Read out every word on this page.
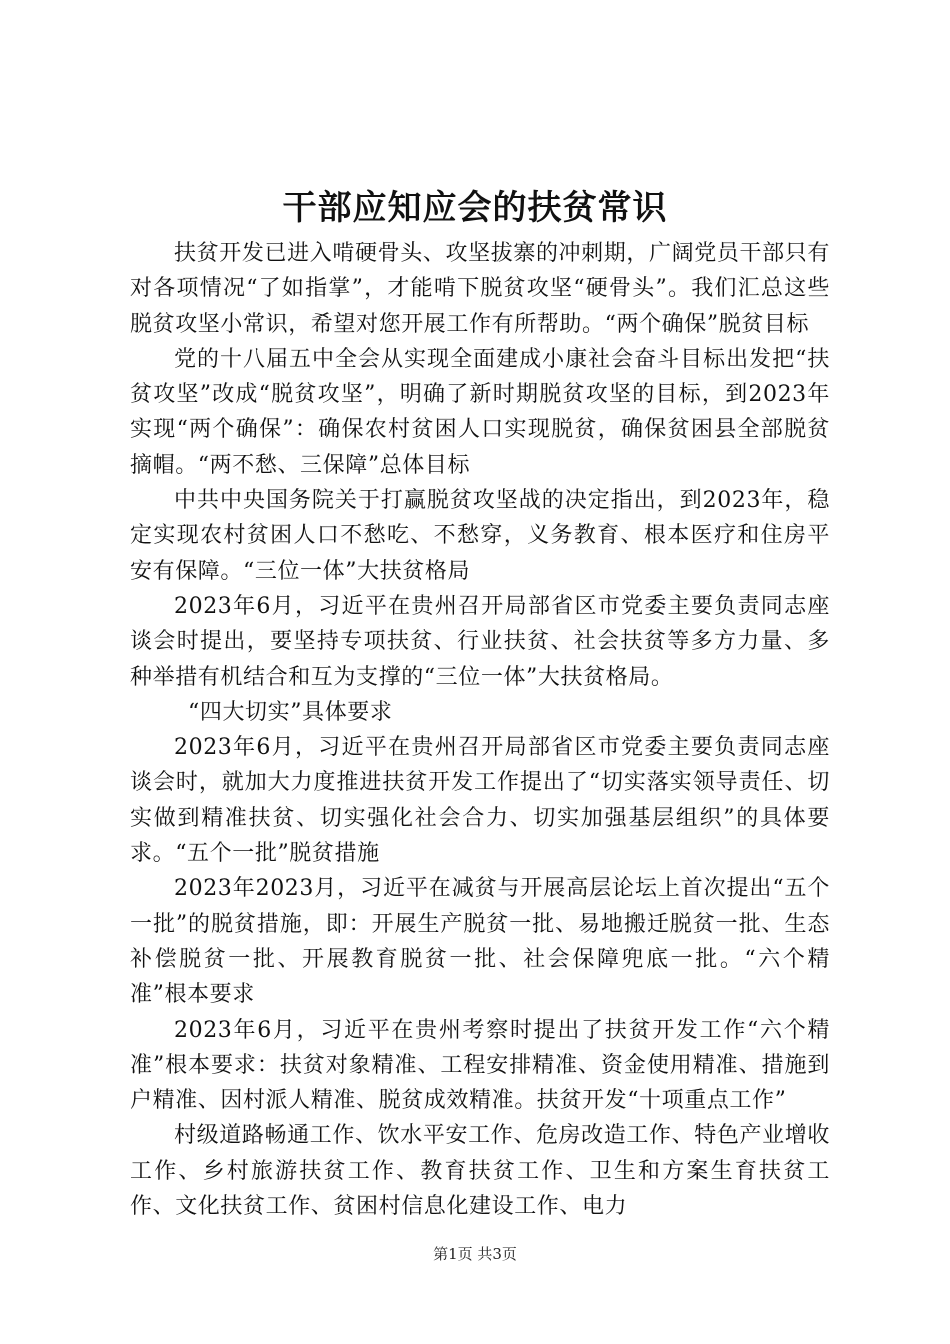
干部应知应会的扶贫常识

扶贫开发已进入啃硬骨头、攻坚拔寨的冲刺期，广阔党员干部只有对各项情况“了如指掌”，才能啃下脱贫攻坚“硬骨头”。我们汇总这些脱贫攻坚小常识，希望对您开展工作有所帮助。“两个确保”脱贫目标

党的十八届五中全会从实现全面建成小康社会奋斗目标出发把“扶贫攻坚”改成“脱贫攻坚”，明确了新时期脱贫攻坚的目标，到2023年实现“两个确保”：确保农村贫困人口实现脱贫，确保贫困县全部脱贫摘帽。“两不愁、三保障”总体目标

中共中央国务院关于打赢脱贫攻坚战的决定指出，到2023年，稳定实现农村贫困人口不愁吃、不愁穿，义务教育、根本医疗和住房平安有保障。“三位一体”大扶贫格局

2023年6月，习近平在贵州召开局部省区市党委主要负责同志座谈会时提出，要坚持专项扶贫、行业扶贫、社会扶贫等多方力量、多种举措有机结合和互为支撑的“三位一体”大扶贫格局。

“四大切实”具体要求

2023年6月，习近平在贵州召开局部省区市党委主要负责同志座谈会时，就加大力度推进扶贫开发工作提出了“切实落实领导责任、切实做到精准扶贫、切实强化社会合力、切实加强基层组织”的具体要求。“五个一批”脱贫措施

2023年2023月，习近平在减贫与开展高层论坛上首次提出“五个一批”的脱贫措施，即：开展生产脱贫一批、易地搬迁脱贫一批、生态补偿脱贫一批、开展教育脱贫一批、社会保障兜底一批。“六个精准”根本要求

2023年6月，习近平在贵州考察时提出了扶贫开发工作“六个精准”根本要求：扶贫对象精准、工程安排精准、资金使用精准、措施到户精准、因村派人精准、脱贫成效精准。扶贫开发“十项重点工作”

村级道路畅通工作、饮水平安工作、危房改造工作、特色产业增收工作、乡村旅游扶贫工作、教育扶贫工作、卫生和方案生育扶贫工作、文化扶贫工作、贫困村信息化建设工作、电力

第1页 共3页
